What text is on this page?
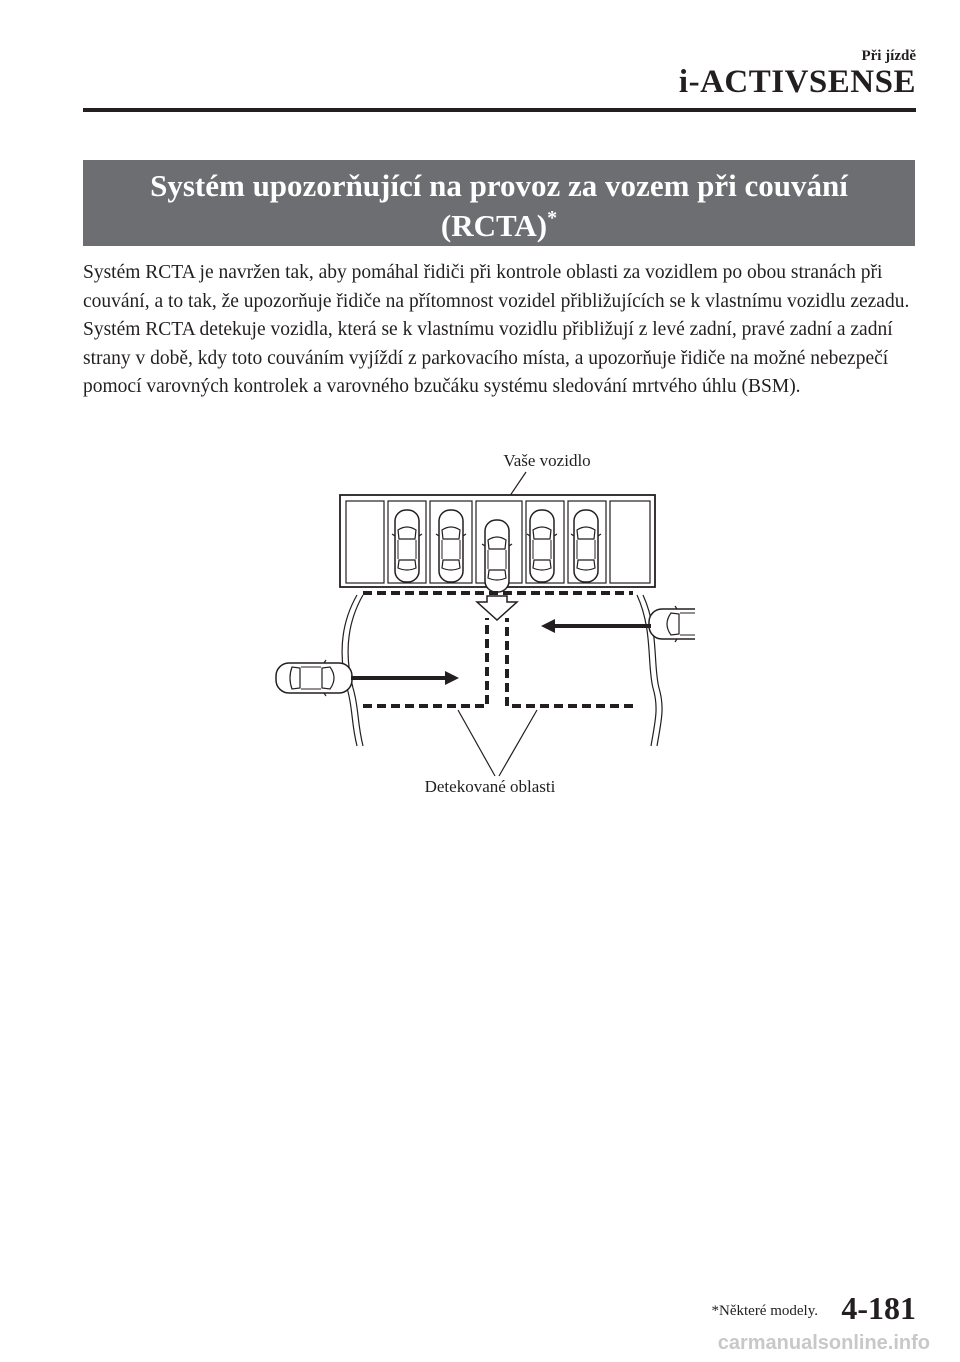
Při jízdě
i-ACTIVSENSE
Systém upozorňující na provoz za vozem při couvání
(RCTA)*

Systém RCTA je navržen tak, aby pomáhal řidiči při kontrole oblasti za vozidlem po obou stranách při couvání, a to tak, že upozorňuje řidiče na přítomnost vozidel přibližujících se k vlastnímu vozidlu zezadu.

Systém RCTA detekuje vozidla, která se k vlastnímu vozidlu přibližují z levé zadní, pravé zadní a zadní strany v době, kdy toto couváním vyjíždí z parkovacího místa, a upozorňuje řidiče na možné nebezpečí pomocí varovných kontrolek a varovného bzučáku systému sledování mrtvého úhlu (BSM).

Vaše vozidlo
Detekované oblasti
*Některé modely. 4-181
carmanualsonline.info
